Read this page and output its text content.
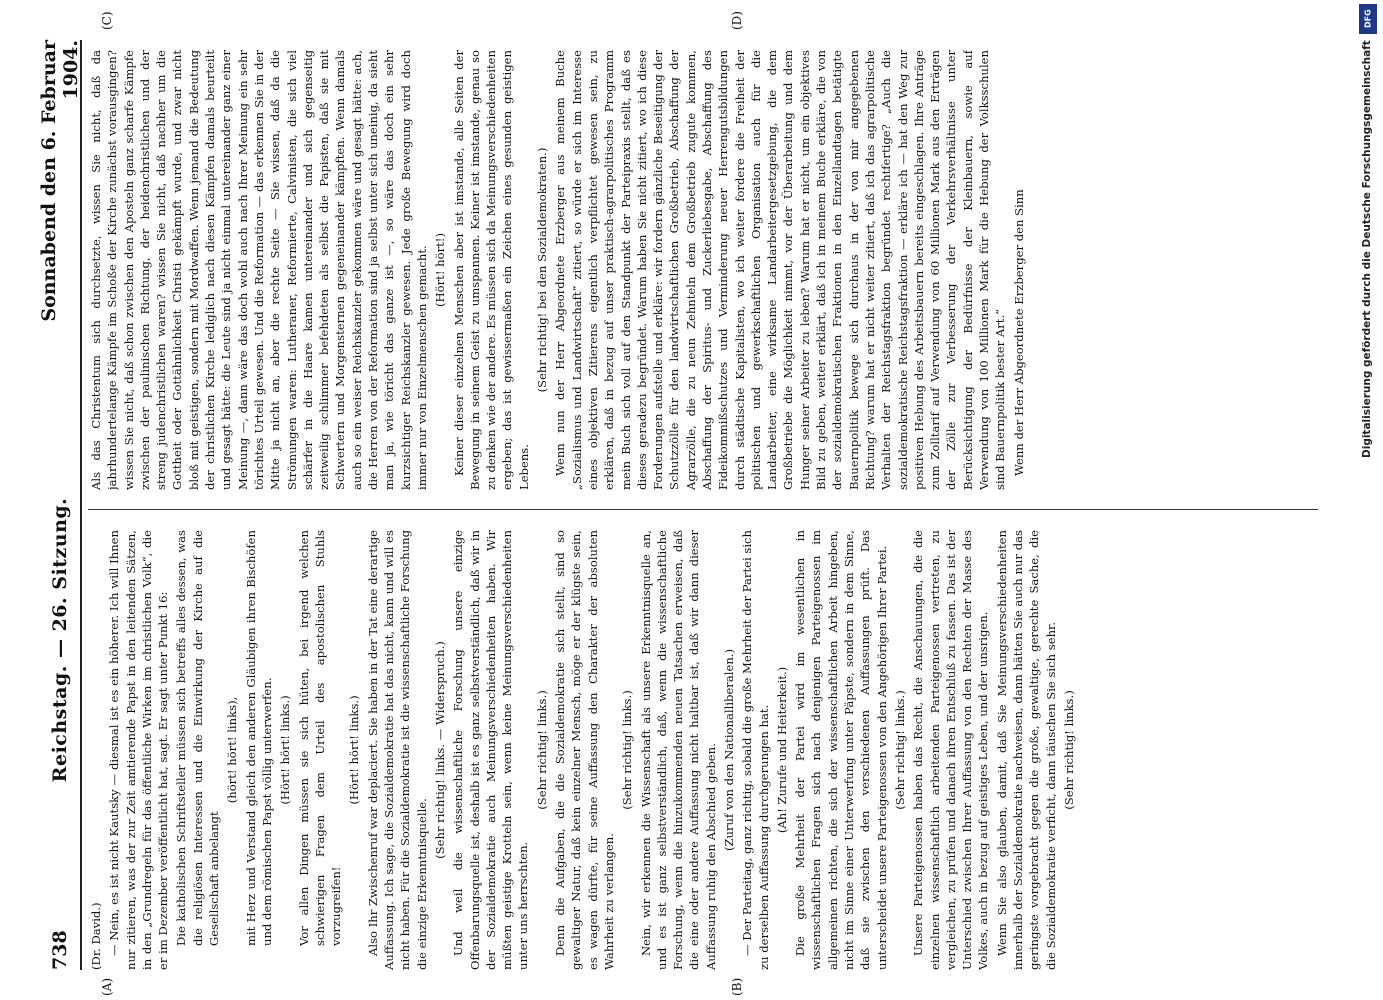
738
Reichstag. — 26. Sitzung.
Sonnabend den 6. Februar 1904.

(Dr. David.) — Nein, es ist nicht Kautsky — diesmal ist es ein höherer. Ich will Ihnen nur zitieren, was der zur Zeit amtierende Papst in den leitenden Sätzen, in den „Grundregeln für das öffentliche Wirken im christlichen Volk“, die er im Dezember veröffentlicht hat, sagt. Er sagt unter Punkt 16: Die katholischen Schriftsteller müssen sich betreffs alles dessen, was die religiösen Interessen und die Einwirkung der Kirche auf die Gesellschaft anbelangt

(hört! hört! links), mit Herz und Verstand gleich den anderen Gläubigen ihren Bischöfen und dem römischen Papst völlig unterwerfen. (Hört! hört! links.) Vor allen Dingen müssen sie sich hüten, bei irgend welchen schwierigen Fragen dem Urteil des apostolischen Stuhls vorzugreifen!

(Hört! hört! links.) Also Ihr Zwischenruf war deplaciert. Sie haben in der Tat eine derartige Auffassung. Ich sage, die Sozialdemokratie hat das nicht, kann und will es nicht haben. Für die Sozialdemokratie ist die wissenschaftliche Forschung die einzige Erkenntnisquelle.

(Sehr richtig! links. — Widerspruch.) Und weil die wissenschaftliche Forschung unsere einzige Offenbarungsquelle ist, deshalb ist es ganz selbstverständlich, daß wir in der Sozialdemokratie auch Meinungsverschiedenheiten haben. Wir müßten geistige Krotteln sein, wenn keine Meinungsverschiedenheiten unter uns herrschten.

(Sehr richtig! links.) Denn die Aufgaben, die die Sozialdemokratie sich stellt, sind so gewaltiger Natur, daß kein einzelner Mensch, möge er der klügste sein, es wagen dürfte, für seine Auffassung den Charakter der absoluten Wahrheit zu verlangen.

(Sehr richtig! links.) Nein, wir erkennen die Wissenschaft als unsere Erkenntnisquelle an, und es ist ganz selbstverständlich, daß, wenn die wissenschaftliche Forschung, wenn die hinzukommenden neuen Tatsachen erweisen, daß die eine oder andere Auffassung nicht haltbar ist, daß wir dann dieser Auffassung ruhig den Abschied geben. (Zuruf von den Nationalliberalen.) — Der Parteitag, ganz richtig, sobald die große Mehrheit der Partei sich zu derselben Auffassung durchgerungen hat. (Ah! Zurufe und Heiterkeit.) Die große Mehrheit der Partei wird im wesentlichen in wissenschaftlichen Fragen sich nach denjenigen Parteigenossen im allgemeinen richten, die sich der wissenschaftlichen Arbeit hingeben, nicht im Sinne einer Unterwerfung unter Päpste, sondern in dem Sinne, daß sie zwischen den verschiedenen Auffassungen prüft. Das unterscheidet unsere Parteigenossen von den Angehörigen Ihrer Partei. (Sehr richtig! links.) Unsere Parteigenossen haben das Recht, die Anschauungen, die die einzelnen wissenschaftlich arbeitenden Parteigenossen vertreten, zu vergleichen, zu prüfen und danach ihren Entschluß zu fassen. Das ist der Unterschied zwischen Ihrer Auffassung von den Rechten der Masse des Volkes, auch in bezug auf geistiges Leben, und der unsrigen. Wenn Sie also glauben, damit, daß Sie Meinungsverschiedenheiten innerhalb der Sozialdemokratie nachweisen, dann hätten Sie auch nur das geringste vorgebracht gegen die große, gewaltige, gerechte Sache, die die Sozialdemokratie verficht, dann täuschen Sie sich sehr. (Sehr richtig! links.)

Als das Christentum sich durchsetzte, wissen Sie nicht, daß da jahrhundertelange Kämpfe im Schoße der Kirche zunächst vorausgingen? wissen Sie nicht, daß schon zwischen den Aposteln ganz scharfe Kämpfe zwischen der paulinischen Richtung, der heidenchristlichen und der streng judenchristlichen waren? wissen Sie nicht, daß nachher um die Gottheit oder Gottähnlichkeit Christi gekämpft wurde, und zwar nicht bloß mit geistigen, sondern mit Mordwaffen. Wenn jemand die Bedeutung der christlichen Kirche lediglich nach diesen Kämpfen damals beurteilt und gesagt hätte: die Leute sind ja nicht einmal untereinander ganz einer Meinung —, dann wäre das doch wohl auch nach Ihrer Meinung ein sehr törichtes Urteil gewesen. Und die Reformation — das erkennen Sie in der Mitte ja nicht an, aber die rechte Seite — Sie wissen, daß da die Strömungen waren: Lutheraner, Reformierte, Calvinisten, die sich viel schärfer in die Haare kamen untereinander und sich gegenseitig zeitweilig schlimmer befehdeten als selbst die Papisten, daß sie mit Schwertern und Morgensternen gegeneinander kämpften. Wenn damals auch so ein weiser Reichskanzler gekommen wäre und gesagt hätte: ach, die Herren von der Reformation sind ja selbst unter sich uneinig, da sieht man ja, wie töricht das ganze ist —, so wäre das doch ein sehr kurzsichtiger Reichskanzler gewesen. Jede große Bewegung wird doch immer nur von Einzelmenschen gemacht. (Hört! hört!) Keiner dieser einzelnen Menschen aber ist imstande, alle Seiten der Bewegung in seinem Geist zu umspannen. Keiner ist imstande, genau so zu denken wie der andere. Es müssen sich da Meinungsverschiedenheiten ergeben; das ist gewissermaßen ein Zeichen eines gesunden geistigen Lebens.

(Sehr richtig! bei den Sozialdemokraten.) Wenn nun der Herr Abgeordnete Erzberger aus meinem Buche „Sozialismus und Landwirtschaft“ zitiert, so würde er sich im Interesse eines objektiven Zitierens eigentlich verpflichtet gewesen sein, zu erklären, daß in bezug auf unser praktisch-agrarpolitisches Programm mein Buch sich voll auf den Standpunkt der Parteipraxis stellt, daß es dieses geradezu begründet. Warum haben Sie nicht zitiert, wo ich diese Forderungen aufstelle und erkläre: wir fordern gänzliche Beseitigung der Schutzzölle für den landwirtschaftlichen Großbetrieb, Abschaffung der Agrarzölle, die zu neun Zehnteln dem Großbetrieb zugute kommen, Abschaffung der Spiritus- und Zuckerliebesgabe, Abschaffung des Fideikommißschutzes und Verminderung neuer Herrengutsbildungen durch städtische Kapitalisten, wo ich weiter fordere die Freiheit der politischen und gewerkschaftlichen Organisation auch für die Landarbeiter, eine wirksame Landarbeitergesetzgebung, die dem Großbetriebe die Möglichkeit nimmt, vor der Überarbeitung und dem Hunger seiner Arbeiter zu leben? Warum hat er nicht, um ein objektives Bild zu geben, weiter erklärt, daß ich in meinem Buche erkläre, die von der sozialdemokratischen Fraktionen in den Einzellandtagen betätigte Bauernpolitik bewege sich durchaus in der von mir angegebenen Richtung? warum hat er nicht weiter zitiert, daß ich das agrarpolitische Verhalten der Reichstagsfraktion begründet rechtfertige? „Auch die sozialdemokratische Reichstagsfraktion — erkläre ich — hat den Weg zur positiven Hebung des Arbeitsbauern bereits eingeschlagen. Ihre Anträge zum Zolltarif auf Verwendung von 60 Millionen Mark aus den Erträgen der Zölle zur Verbesserung der Verkehrsverhältnisse unter Berücksichtigung der Bedürfnisse der Kleinbauern, sowie auf Verwendung von 100 Millionen Mark für die Hebung der Volksschulen sind Bauernpolitik bester Art.“ Wenn der Herr Abgeordnete Erzberger den Sinn

(A)	(B)
(C)	(D)	DFG
Digitalisierung gefördert durch die Deutsche Forschungsgemeinschaft
